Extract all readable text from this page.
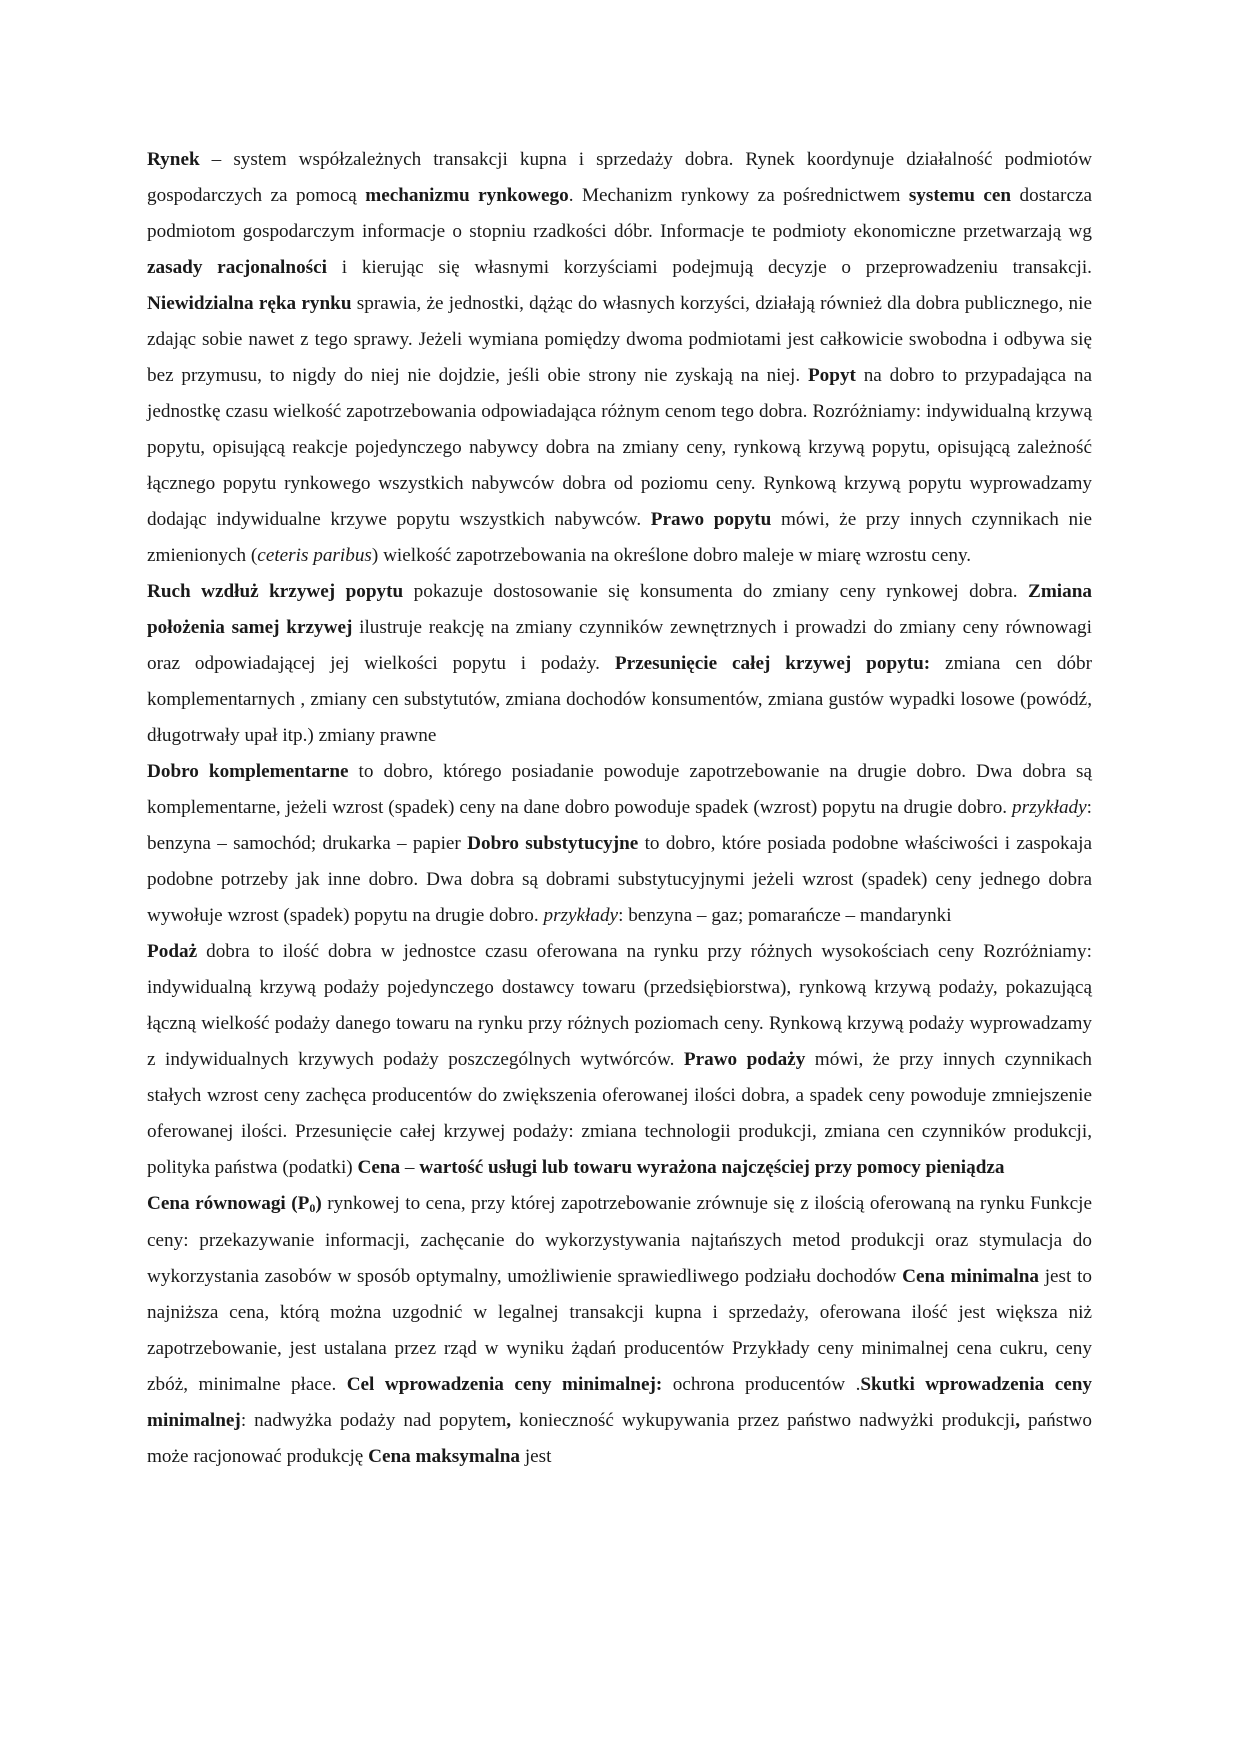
Rynek – system współzależnych transakcji kupna i sprzedaży dobra. Rynek koordynuje działalność podmiotów gospodarczych za pomocą mechanizmu rynkowego. Mechanizm rynkowy za pośrednictwem systemu cen dostarcza podmiotom gospodarczym informacje o stopniu rzadkości dóbr. Informacje te podmioty ekonomiczne przetwarzają wg zasady racjonalności i kierując się własnymi korzyściami podejmują decyzje o przeprowadzeniu transakcji. Niewidzialna ręka rynku sprawia, że jednostki, dążąc do własnych korzyści, działają również dla dobra publicznego, nie zdając sobie nawet z tego sprawy. Jeżeli wymiana pomiędzy dwoma podmiotami jest całkowicie swobodna i odbywa się bez przymusu, to nigdy do niej nie dojdzie, jeśli obie strony nie zyskają na niej. Popyt na dobro to przypadająca na jednostkę czasu wielkość zapotrzebowania odpowiadająca różnym cenom tego dobra. Rozróżniamy: indywidualną krzywą popytu, opisującą reakcje pojedynczego nabywcy dobra na zmiany ceny, rynkową krzywą popytu, opisującą zależność łącznego popytu rynkowego wszystkich nabywców dobra od poziomu ceny. Rynkową krzywą popytu wyprowadzamy dodając indywidualne krzywe popytu wszystkich nabywców. Prawo popytu mówi, że przy innych czynnikach nie zmienionych (ceteris paribus) wielkość zapotrzebowania na określone dobro maleje w miarę wzrostu ceny.

Ruch wzdłuż krzywej popytu pokazuje dostosowanie się konsumenta do zmiany ceny rynkowej dobra. Zmiana położenia samej krzywej ilustruje reakcję na zmiany czynników zewnętrznych i prowadzi do zmiany ceny równowagi oraz odpowiadającej jej wielkości popytu i podaży. Przesunięcie całej krzywej popytu: zmiana cen dóbr komplementarnych , zmiany cen substytutów, zmiana dochodów konsumentów, zmiana gustów wypadki losowe (powódź, długotrwały upał itp.) zmiany prawne

Dobro komplementarne to dobro, którego posiadanie powoduje zapotrzebowanie na drugie dobro. Dwa dobra są komplementarne, jeżeli wzrost (spadek) ceny na dane dobro powoduje spadek (wzrost) popytu na drugie dobro. przykłady: benzyna – samochód; drukarka – papier Dobro substytucyjne to dobro, które posiada podobne właściwości i zaspokaja podobne potrzeby jak inne dobro. Dwa dobra są dobrami substytucyjnymi jeżeli wzrost (spadek) ceny jednego dobra wywołuje wzrost (spadek) popytu na drugie dobro. przykłady: benzyna – gaz; pomarańcze – mandarynki

Podaż dobra to ilość dobra w jednostce czasu oferowana na rynku przy różnych wysokościach ceny Rozróżniamy: indywidualną krzywą podaży pojedynczego dostawcy towaru (przedsiębiorstwa), rynkową krzywą podaży, pokazującą łączną wielkość podaży danego towaru na rynku przy różnych poziomach ceny. Rynkową krzywą podaży wyprowadzamy z indywidualnych krzywych podaży poszczególnych wytwórców. Prawo podaży mówi, że przy innych czynnikach stałych wzrost ceny zachęca producentów do zwiększenia oferowanej ilości dobra, a spadek ceny powoduje zmniejszenie oferowanej ilości. Przesunięcie całej krzywej podaży: zmiana technologii produkcji, zmiana cen czynników produkcji, polityka państwa (podatki) Cena – wartość usługi lub towaru wyrażona najczęściej przy pomocy pieniądza

Cena równowagi (P0) rynkowej to cena, przy której zapotrzebowanie zrównuje się z ilością oferowaną na rynku Funkcje ceny: przekazywanie informacji, zachęcanie do wykorzystywania najtańszych metod produkcji oraz stymulacja do wykorzystania zasobów w sposób optymalny, umożliwienie sprawiedliwego podziału dochodów Cena minimalna jest to najniższa cena, którą można uzgodnić w legalnej transakcji kupna i sprzedaży, oferowana ilość jest większa niż zapotrzebowanie, jest ustalana przez rząd w wyniku żądań producentów Przykłady ceny minimalnej cena cukru, ceny zbóż, minimalne płace. Cel wprowadzenia ceny minimalnej: ochrona producentów .Skutki wprowadzenia ceny minimalnej: nadwyżka podaży nad popytem, konieczność wykupywania przez państwo nadwyżki produkcji, państwo może racjonować produkcję Cena maksymalna jest
